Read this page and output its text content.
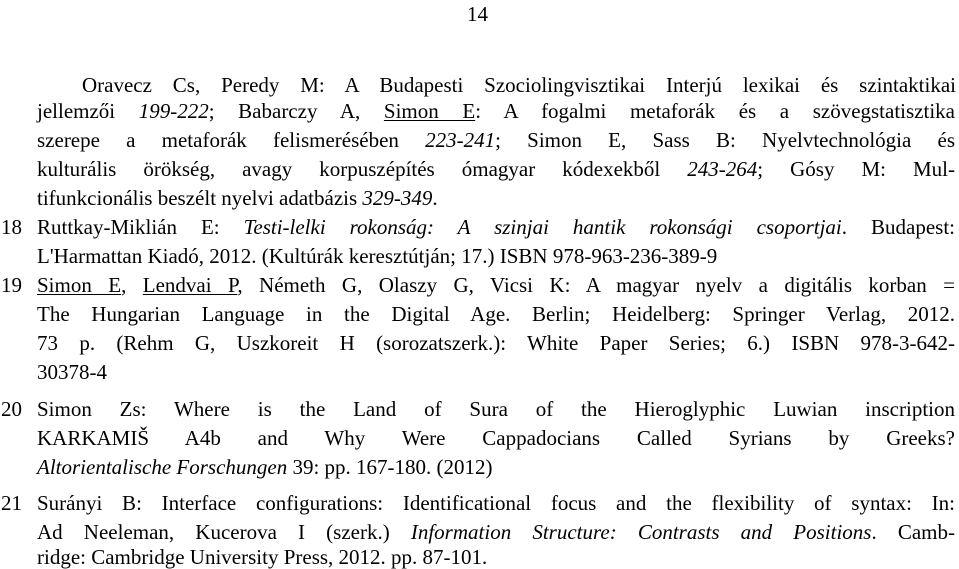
14
Oravecz Cs, Peredy M: A Budapesti Szociolingvisztikai Interjú lexikai és szintaktikai
jellemzői 199-222; Babarczy A, Simon E: A fogalmi metaforák és a szövegstatisztika
szerepe a metaforák felismerésében 223-241; Simon E, Sass B: Nyelvtechnológia és
kulturális örökség, avagy korpuszépítés ómagyar kódexekből 243-264; Gósy M: Mul-
tifunkcionális beszélt nyelvi adatbázis 329-349.
18 Ruttkay-Miklián E: Testi-lelki rokonság: A szinjai hantik rokonsági csoportjai. Budapest:
L'Harmattan Kiadó, 2012. (Kultúrák keresztútján; 17.) ISBN 978-963-236-389-9
19 Simon E, Lendvai P, Németh G, Olaszy G, Vicsi K: A magyar nyelv a digitális korban =
The Hungarian Language in the Digital Age. Berlin; Heidelberg: Springer Verlag, 2012.
73 p. (Rehm G, Uszkoreit H (sorozatszerk.): White Paper Series; 6.) ISBN 978-3-642-
30378-4
20 Simon Zs: Where is the Land of Sura of the Hieroglyphic Luwian inscription
KARKAMIŠ A4b and Why Were Cappadocians Called Syrians by Greeks?
Altorientalische Forschungen 39: pp. 167-180. (2012)
21 Surányi B: Interface configurations: Identificational focus and the flexibility of syntax: In:
Ad Neeleman, Kucerova I (szerk.) Information Structure: Contrasts and Positions. Camb-
ridge: Cambridge University Press, 2012. pp. 87-101.
